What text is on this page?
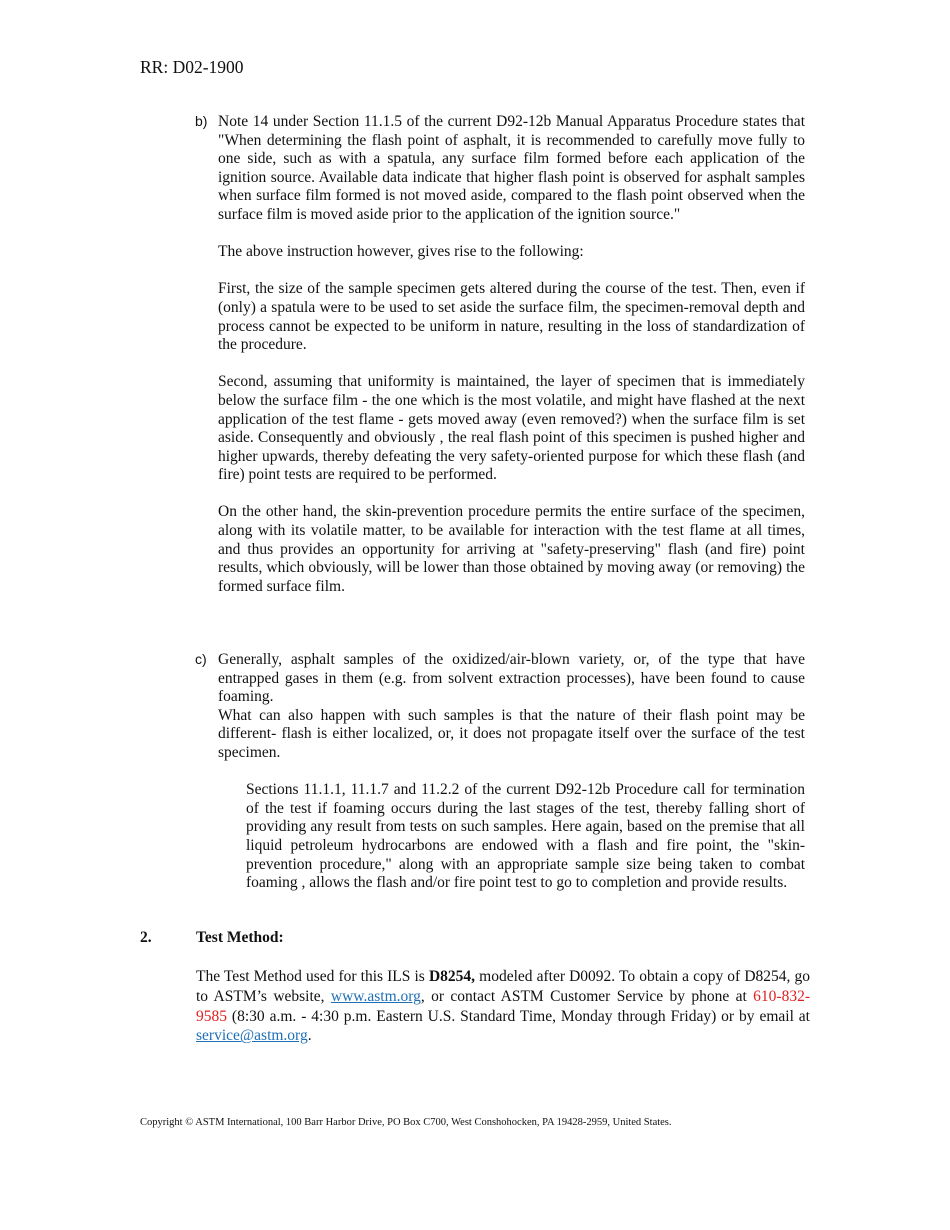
RR: D02-1900
b) Note 14 under Section 11.1.5 of the current D92-12b Manual Apparatus Procedure states that "When determining the flash point of asphalt, it is recommended to carefully move fully to one side, such as with a spatula, any surface film formed before each application of the ignition source. Available data indicate that higher flash point is observed for asphalt samples when surface film formed is not moved aside, compared to the flash point observed when the surface film is moved aside prior to the application of the ignition source."

The above instruction however, gives rise to the following:

First, the size of the sample specimen gets altered during the course of the test. Then, even if (only) a spatula were to be used to set aside the surface film, the specimen-removal depth and process cannot be expected to be uniform in nature, resulting in the loss of standardization of the procedure.

Second, assuming that uniformity is maintained, the layer of specimen that is immediately below the surface film - the one which is the most volatile, and might have flashed at the next application of the test flame - gets moved away (even removed?) when the surface film is set aside. Consequently and obviously , the real flash point of this specimen is pushed higher and higher upwards, thereby defeating the very safety-oriented purpose for which these flash (and fire) point tests are required to be performed.

On the other hand, the skin-prevention procedure permits the entire surface of the specimen, along with its volatile matter, to be available for interaction with the test flame at all times, and thus provides an opportunity for arriving at "safety-preserving" flash (and fire) point results, which obviously, will be lower than those obtained by moving away (or removing) the formed surface film.

c) Generally, asphalt samples of the oxidized/air-blown variety, or, of the type that have entrapped gases in them (e.g. from solvent extraction processes), have been found to cause foaming.

What can also happen with such samples is that the nature of their flash point may be different- flash is either localized, or, it does not propagate itself over the surface of the test specimen.

Sections 11.1.1, 11.1.7 and 11.2.2 of the current D92-12b Procedure call for termination of the test if foaming occurs during the last stages of the test, thereby falling short of providing any result from tests on such samples. Here again, based on the premise that all liquid petroleum hydrocarbons are endowed with a flash and fire point, the "skin-prevention procedure," along with an appropriate sample size being taken to combat foaming , allows the flash and/or fire point test to go to completion and provide results.

2.	Test Method:

The Test Method used for this ILS is D8254, modeled after D0092. To obtain a copy of D8254, go to ASTM’s website, www.astm.org, or contact ASTM Customer Service by phone at 610-832-9585 (8:30 a.m. - 4:30 p.m. Eastern U.S. Standard Time, Monday through Friday) or by email at service@astm.org.

Copyright © ASTM International, 100 Barr Harbor Drive, PO Box C700, West Conshohocken, PA 19428-2959, United States.
